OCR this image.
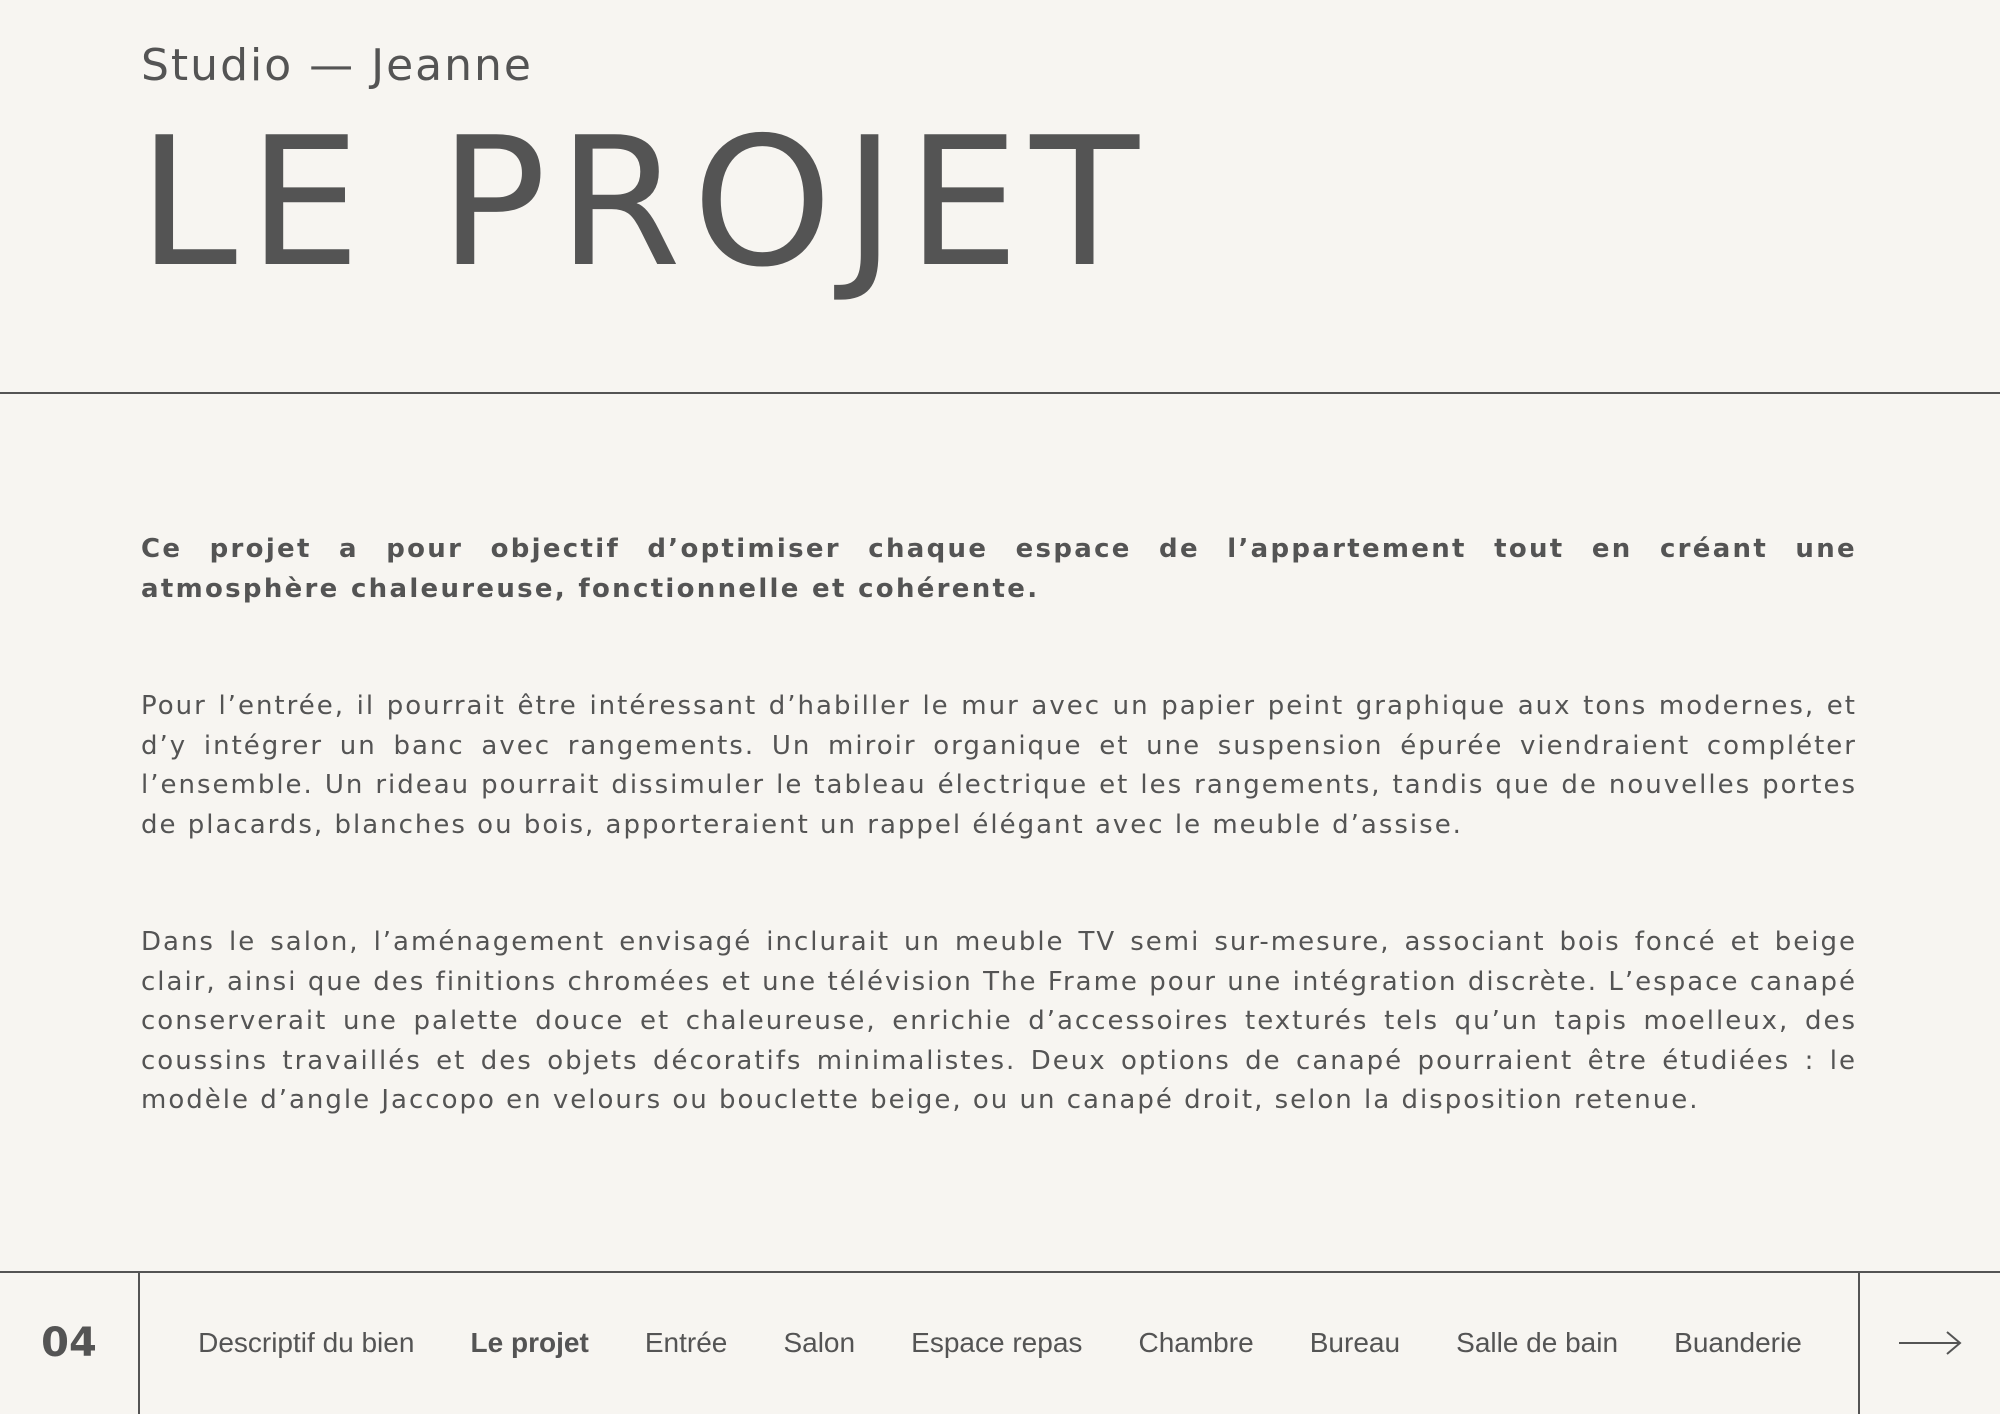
Studio — Jeanne
LE PROJET

Ce projet a pour objectif d’optimiser chaque espace de l’appartement tout en créant une atmosphère chaleureuse, fonctionnelle et cohérente.

Pour l’entrée, il pourrait être intéressant d’habiller le mur avec un papier peint graphique aux tons modernes, et d’y intégrer un banc avec rangements. Un miroir organique et une suspension épurée viendraient compléter l’ensemble. Un rideau pourrait dissimuler le tableau électrique et les rangements, tandis que de nouvelles portes de placards, blanches ou bois, apporteraient un rappel élégant avec le meuble d’assise.

Dans le salon, l’aménagement envisagé inclurait un meuble TV semi sur-mesure, associant bois foncé et beige clair, ainsi que des finitions chromées et une télévision The Frame pour une intégration discrète. L’espace canapé conserverait une palette douce et chaleureuse, enrichie d’accessoires texturés tels qu’un tapis moelleux, des coussins travaillés et des objets décoratifs minimalistes. Deux options de canapé pourraient être étudiées : le modèle d’angle Jaccopo en velours ou bouclette beige, ou un canapé droit, selon la disposition retenue.

04	Descriptif du bien Le projet Entrée Salon Espace repas Chambre Bureau Salle de bain Buanderie
